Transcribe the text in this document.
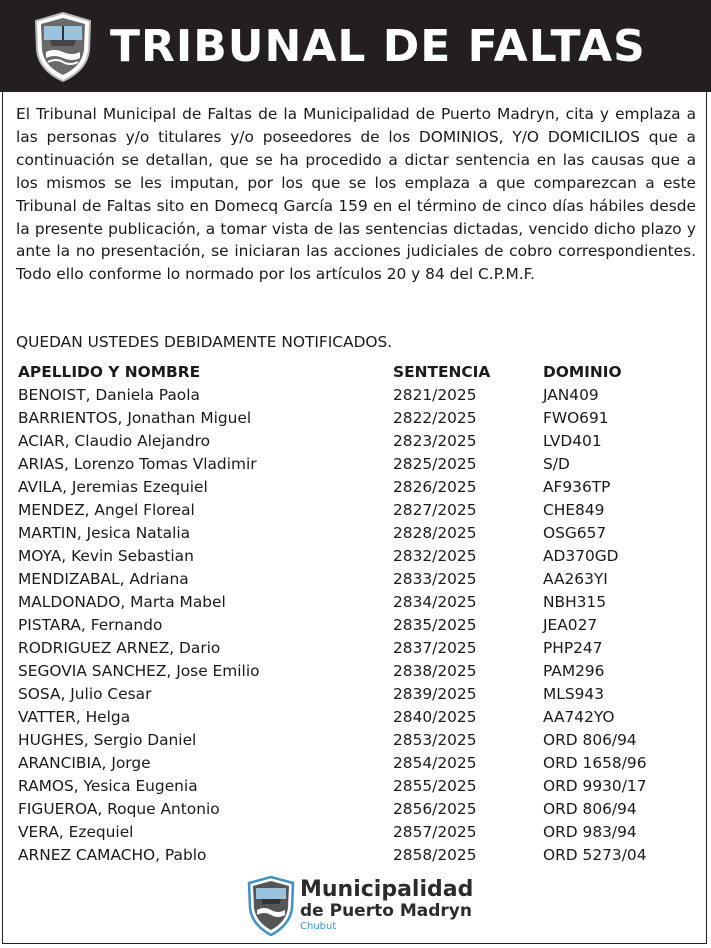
TRIBUNAL DE FALTAS

El Tribunal Municipal de Faltas de la Municipalidad de Puerto Madryn, cita y emplaza a las personas y/o titulares y/o poseedores de los DOMINIOS, Y/O DOMICILIOS que a continuación se detallan, que se ha procedido a dictar sentencia en las causas que a los mismos se les imputan, por los que se los emplaza a que comparezcan a este Tribunal de Faltas sito en Domecq García 159 en el término de cinco días hábiles desde la presente publicación, a tomar vista de las sentencias dictadas, vencido dicho plazo y ante la no presentación, se iniciaran las acciones judiciales de cobro correspondientes. Todo ello conforme lo normado por los artículos 20 y 84 del C.P.M.F.

QUEDAN USTEDES DEBIDAMENTE NOTIFICADOS.

APELLIDO Y NOMBRE	SENTENCIA	DOMINIO
BENOIST, Daniela Paola	2821/2025	JAN409
BARRIENTOS, Jonathan Miguel	2822/2025	FWO691
ACIAR, Claudio Alejandro	2823/2025	LVD401
ARIAS, Lorenzo Tomas Vladimir	2825/2025	S/D
AVILA, Jeremias Ezequiel	2826/2025	AF936TP
MENDEZ, Angel Floreal	2827/2025	CHE849
MARTIN, Jesica Natalia	2828/2025	OSG657
MOYA, Kevin Sebastian	2832/2025	AD370GD
MENDIZABAL, Adriana	2833/2025	AA263YI
MALDONADO, Marta Mabel	2834/2025	NBH315
PISTARA, Fernando	2835/2025	JEA027
RODRIGUEZ ARNEZ, Dario	2837/2025	PHP247
SEGOVIA SANCHEZ, Jose Emilio	2838/2025	PAM296
SOSA, Julio Cesar	2839/2025	MLS943
VATTER, Helga	2840/2025	AA742YO
HUGHES, Sergio Daniel	2853/2025	ORD 806/94
ARANCIBIA, Jorge	2854/2025	ORD 1658/96
RAMOS, Yesica Eugenia	2855/2025	ORD 9930/17
FIGUEROA, Roque Antonio	2856/2025	ORD 806/94
VERA, Ezequiel	2857/2025	ORD 983/94
ARNEZ CAMACHO, Pablo	2858/2025	ORD 5273/04
Municipalidad
de Puerto Madryn
Chubut
